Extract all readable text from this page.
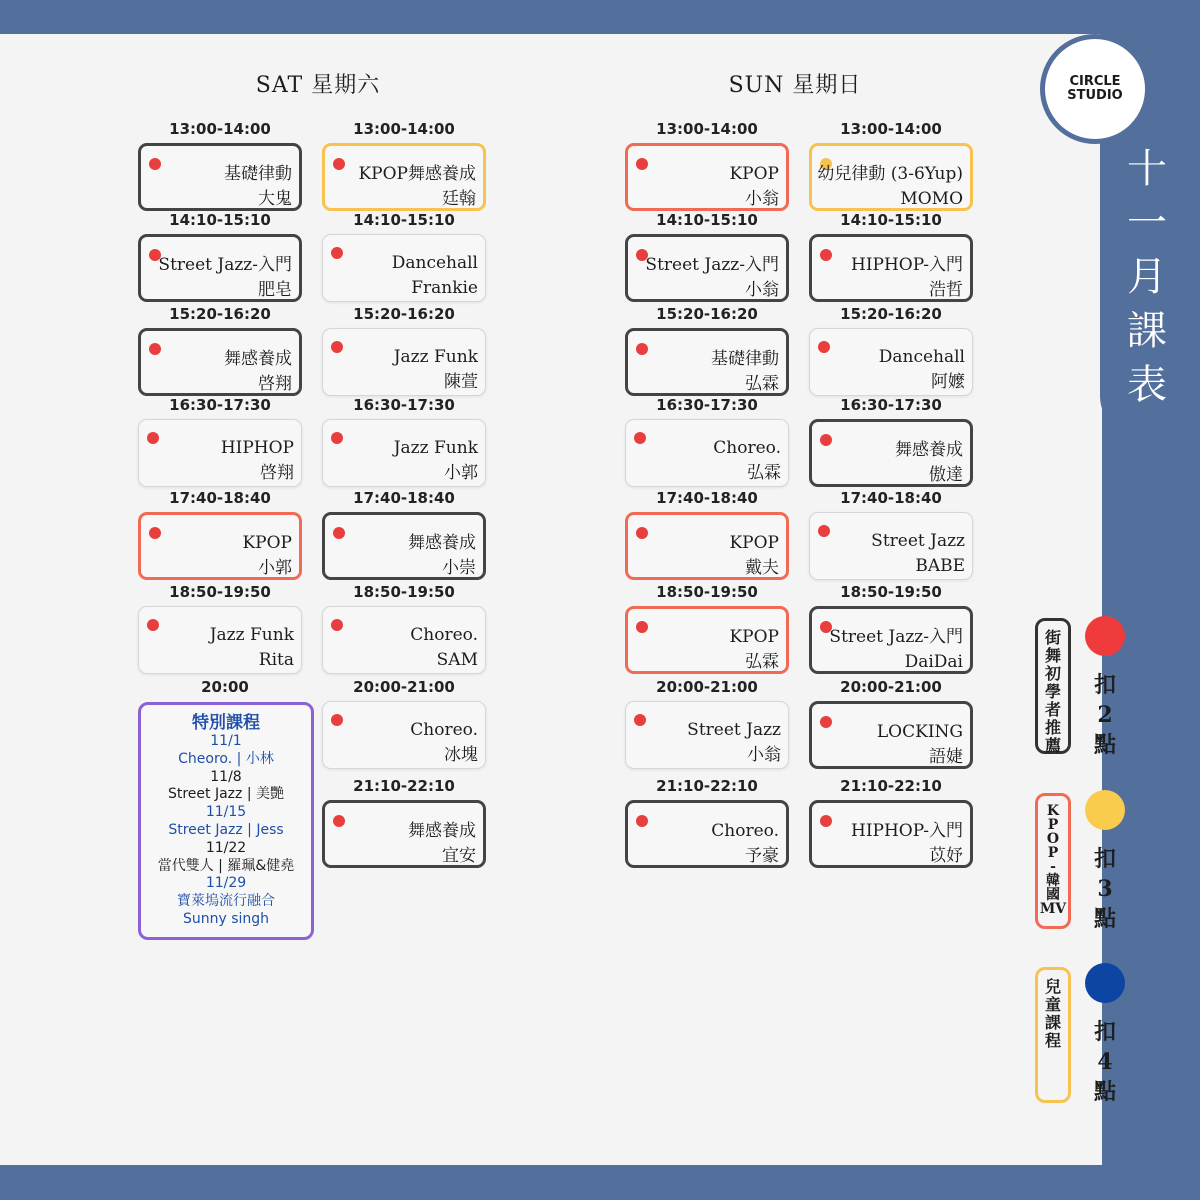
CIRCLE
STUDIO
十
一
月
課
表
SAT 星期六	SUN 星期日
13:00-14:00
基礎律動
大鬼
14:10-15:10
Street Jazz-入門
肥皂
15:20-16:20
舞感養成
啓翔
16:30-17:30
HIPHOP
啓翔
17:40-18:40
KPOP
小郭
18:50-19:50
Jazz Funk
Rita
13:00-14:00
KPOP舞感養成
廷翰
14:10-15:10
Dancehall
Frankie
15:20-16:20
Jazz Funk
陳萱
16:30-17:30
Jazz Funk
小郭
17:40-18:40
舞感養成
小崇
18:50-19:50
Choreo.
SAM
20:00-21:00
Choreo.
冰塊
21:10-22:10
舞感養成
宜安
13:00-14:00
KPOP
小翁
14:10-15:10
Street Jazz-入門
小翁
15:20-16:20
基礎律動
弘霖
16:30-17:30
Choreo.
弘霖
17:40-18:40
KPOP
戴夫
18:50-19:50
KPOP
弘霖
20:00-21:00
Street Jazz
小翁
21:10-22:10
Choreo.
予豪
13:00-14:00
幼兒律動 (3-6Yup)
MOMO
14:10-15:10
HIPHOP-入門
浩哲
15:20-16:20
Dancehall
阿嬤
16:30-17:30
舞感養成
傲達
17:40-18:40
Street Jazz
BABE
18:50-19:50
Street Jazz-入門
DaiDai
20:00-21:00
LOCKING
語婕
21:10-22:10
HIPHOP-入門
苡妤
20:00
特別課程
11/1
Cheoro. | 小林
11/8
Street Jazz | 美艷
11/15
Street Jazz | Jess
11/22
當代雙人 | 羅珮&健堯
11/29
寶萊塢流行融合
Sunny singh
街
舞
初
學
者
推
薦
K
P
O
P
-
韓
國
MV
兒
童
課
程
扣
2
點
扣
3
點
扣
4
點
